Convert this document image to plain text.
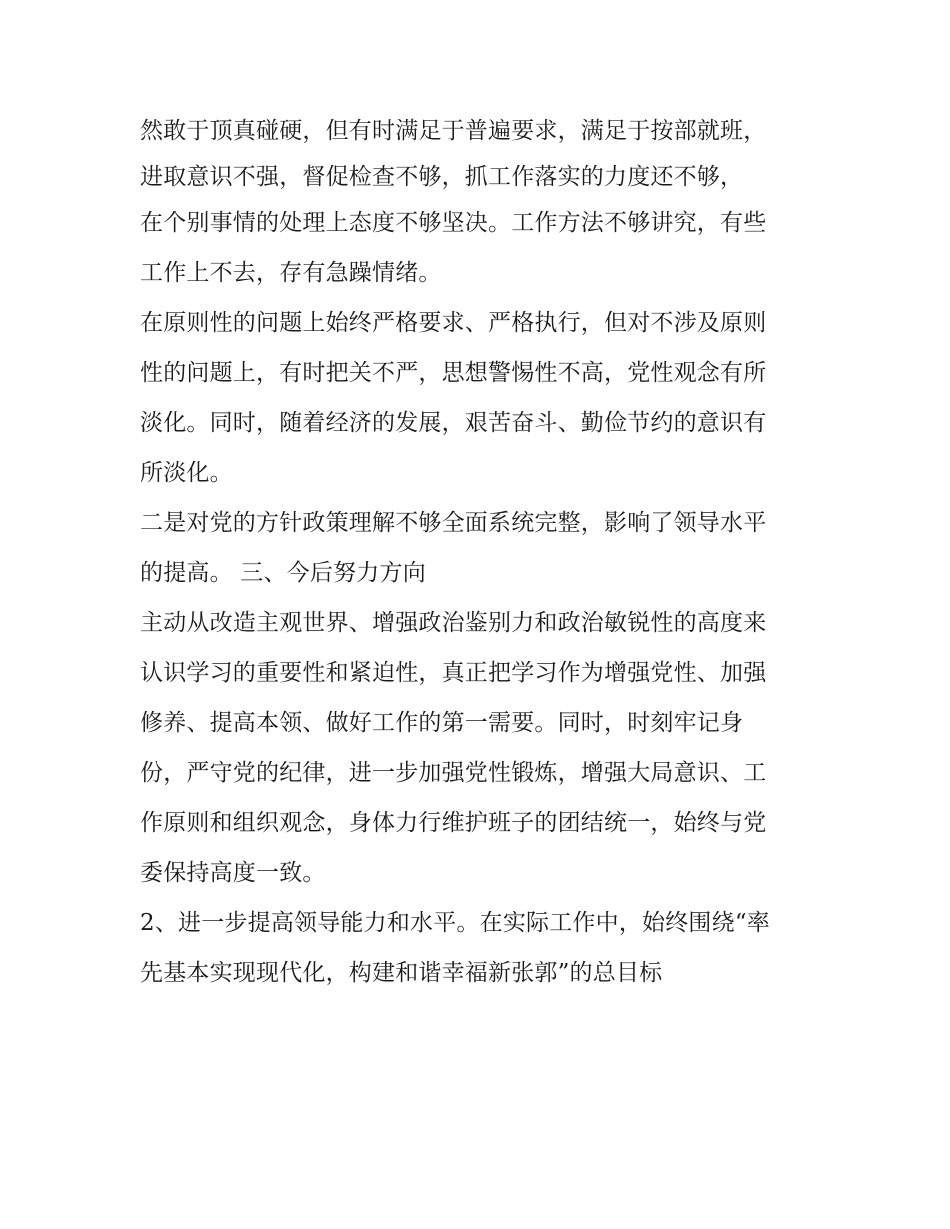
然敢于顶真碰硬，但有时满足于普遍要求，满足于按部就班，
进取意识不强，督促检查不够，抓工作落实的力度还不够，
在个别事情的处理上态度不够坚决。工作方法不够讲究，有些
工作上不去，存有急躁情绪。
在原则性的问题上始终严格要求、严格执行，但对不涉及原则
性的问题上，有时把关不严，思想警惕性不高，党性观念有所
淡化。同时，随着经济的发展，艰苦奋斗、勤俭节约的意识有
所淡化。
二是对党的方针政策理解不够全面系统完整，影响了领导水平
的提高。 三、今后努力方向
主动从改造主观世界、增强政治鉴别力和政治敏锐性的高度来
认识学习的重要性和紧迫性，真正把学习作为增强党性、加强
修养、提高本领、做好工作的第一需要。同时，时刻牢记身
份，严守党的纪律，进一步加强党性锻炼，增强大局意识、工
作原则和组织观念，身体力行维护班子的团结统一，始终与党
委保持高度一致。
2、进一步提高领导能力和水平。在实际工作中，始终围绕“率
先基本实现现代化，构建和谐幸福新张郭”的总目标
